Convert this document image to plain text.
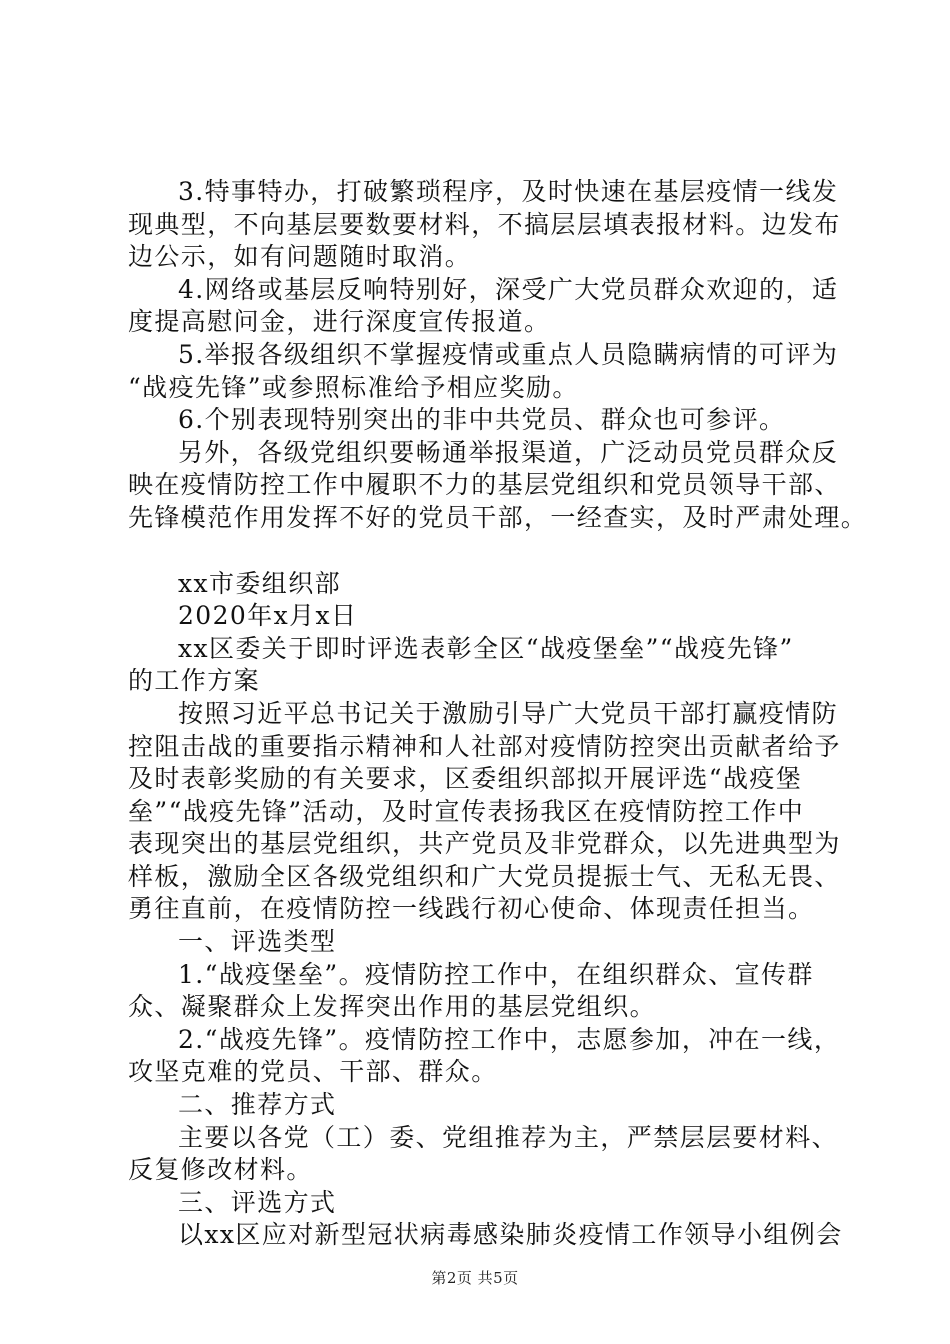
3.特事特办，打破繁琐程序，及时快速在基层疫情一线发
现典型，不向基层要数要材料，不搞层层填表报材料。边发布
边公示，如有问题随时取消。
4.网络或基层反响特别好，深受广大党员群众欢迎的，适
度提高慰问金，进行深度宣传报道。
5.举报各级组织不掌握疫情或重点人员隐瞒病情的可评为
“战疫先锋”或参照标准给予相应奖励。
6.个别表现特别突出的非中共党员、群众也可参评。
另外，各级党组织要畅通举报渠道，广泛动员党员群众反
映在疫情防控工作中履职不力的基层党组织和党员领导干部、
先锋模范作用发挥不好的党员干部，一经查实，及时严肃处理。
xx市委组织部
2020年x月x日
xx区委关于即时评选表彰全区“战疫堡垒”“战疫先锋”
的工作方案
按照习近平总书记关于激励引导广大党员干部打赢疫情防
控阻击战的重要指示精神和人社部对疫情防控突出贡献者给予
及时表彰奖励的有关要求，区委组织部拟开展评选“战疫堡
垒”“战疫先锋”活动，及时宣传表扬我区在疫情防控工作中
表现突出的基层党组织，共产党员及非党群众，以先进典型为
样板，激励全区各级党组织和广大党员提振士气、无私无畏、
勇往直前，在疫情防控一线践行初心使命、体现责任担当。
一、评选类型
1.“战疫堡垒”。疫情防控工作中，在组织群众、宣传群
众、凝聚群众上发挥突出作用的基层党组织。
2.“战疫先锋”。疫情防控工作中，志愿参加，冲在一线，
攻坚克难的党员、干部、群众。
二、推荐方式
主要以各党（工）委、党组推荐为主，严禁层层要材料、
反复修改材料。
三、评选方式
以xx区应对新型冠状病毒感染肺炎疫情工作领导小组例会
第2页 共5页
